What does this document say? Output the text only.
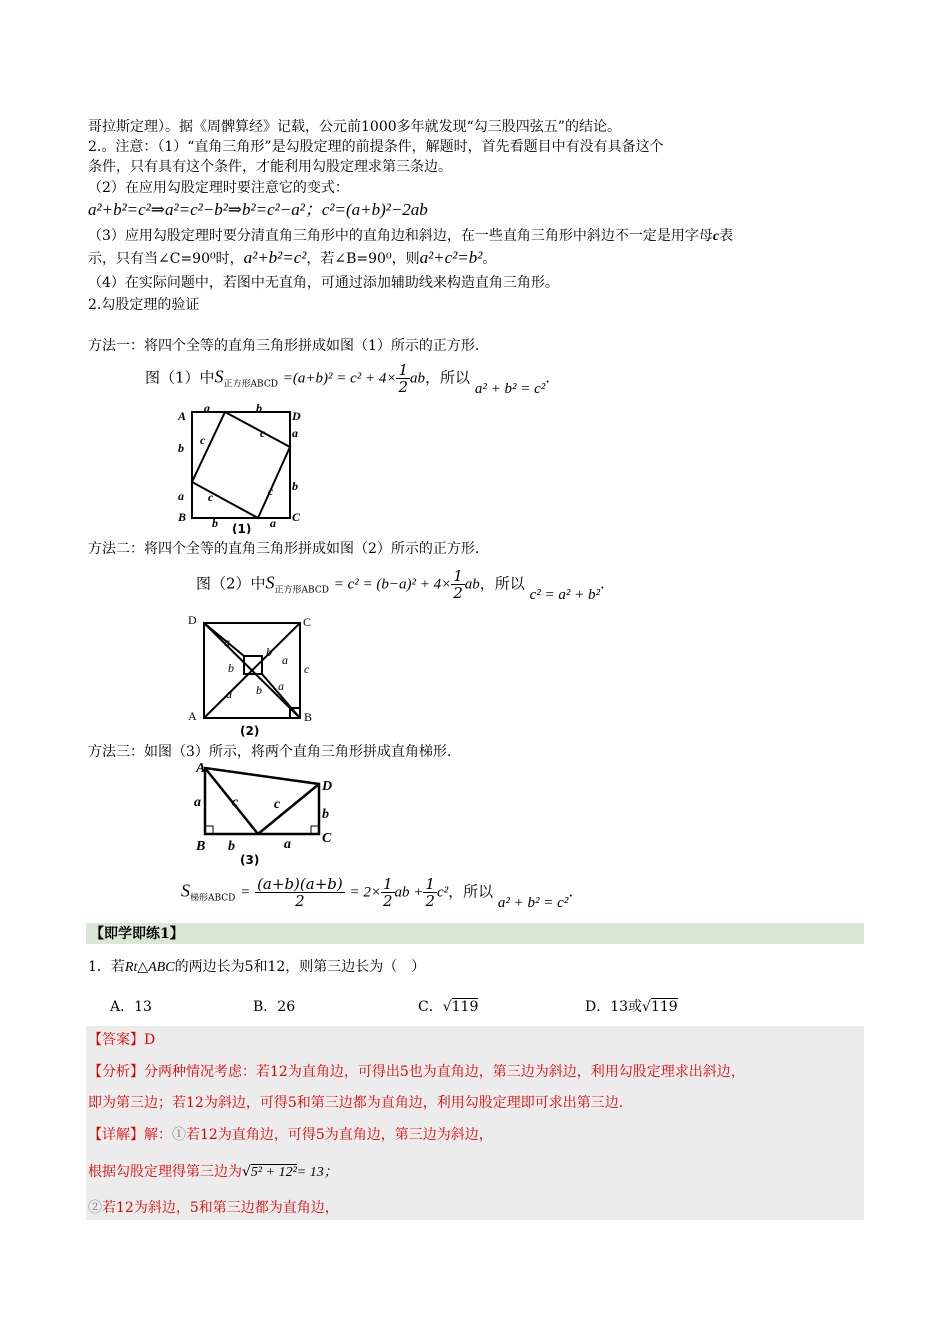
哥拉斯定理）。据《周髀算经》记载，公元前1000多年就发现“勾三股四弦五”的结论。
2.。注意：（1）“直角三角形”是勾股定理的前提条件，解题时，首先看题目中有没有具备这个
条件，只有具有这个条件，才能利用勾股定理求第三条边。
（2）在应用勾股定理时要注意它的变式：
a²+b²=c²⇒a²=c²−b²⇒b²=c²−a²；c²=(a+b)²−2ab
（3）应用勾股定理时要分清直角三角形中的直角边和斜边，在一些直角三角形中斜边不一定是用字母c表
示，只有当∠C=90⁰时，a²+b²=c²，若∠B=90⁰，则a²+c²=b²。
（4）在实际问题中，若图中无直角，可通过添加辅助线来构造直角三角形。
2.勾股定理的验证
方法一：将四个全等的直角三角形拼成如图（1）所示的正方形.
图（1）中$S_{正方形ABCD} =(a+b)^2 = c^2 + 4\times \frac{1}{2}$ ab，所以 a² + b² = c².
A	D
B	C
a	b
a
b
c	c
c	c
a
b
b	a
(1)
方法二：将四个全等的直角三角形拼成如图（2）所示的正方形.
图（2）中$S_{正方形ABCD} = c^2 = (b-a)^2 + 4\times \frac{1}{2}$ ab，所以 c² = a² + b².
D	C
A	B
a
b
b
a
c
a b a
(2)
方法三：如图（3）所示，将两个直角三角形拼成直角梯形.
A
D
B
C
a c	c
b	a
b
(3)
$S_{梯形ABCD} = \frac{(a+b)(a+b)}{2} = 2\times \frac{1}{2}$ ab + $\frac{1}{2} c^2$，所以 a² + b² = c².
【即学即练1】
1．若Rt△ABC的两边长为5和12，则第三边长为（　）
A．13	B．26	C．√119	D．13或√119
【答案】D
【分析】分两种情况考虑：若12为直角边，可得出5也为直角边，第三边为斜边，利用勾股定理求出斜边，
即为第三边；若12为斜边，可得5和第三边都为直角边，利用勾股定理即可求出第三边.
【详解】解：①若12为直角边，可得5为直角边，第三边为斜边，
根据勾股定理得第三边为√5² + 12²= 13；
②若12为斜边，5和第三边都为直角边，
